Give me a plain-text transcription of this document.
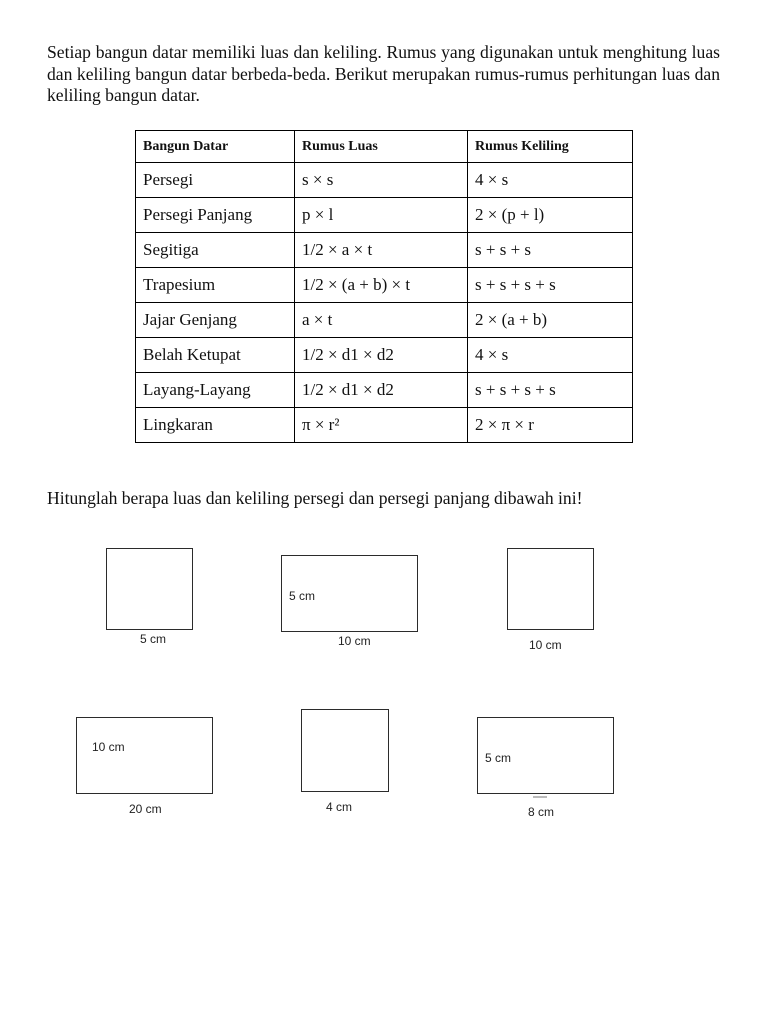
Setiap bangun datar memiliki luas dan keliling. Rumus yang digunakan untuk menghitung luas dan keliling bangun datar berbeda-beda. Berikut merupakan rumus-rumus perhitungan luas dan keliling bangun datar.

Bangun Datar	Rumus Luas	Rumus Keliling
Persegi	s × s	4 × s
Persegi Panjang	p × l	2 × (p + l)
Segitiga	1/2 × a × t	s + s + s
Trapesium	1/2 × (a + b) × t	s + s + s + s
Jajar Genjang	a × t	2 × (a + b)
Belah Ketupat	1/2 × d1 × d2	4 × s
Layang-Layang	1/2 × d1 × d2	s + s + s + s
Lingkaran	π × r²	2 × π × r

Hitunglah berapa luas dan keliling persegi dan persegi panjang dibawah ini!

5 cm
5 cm
10 cm	10 cm
10 cm
20 cm	4 cm
5 cm
8 cm
